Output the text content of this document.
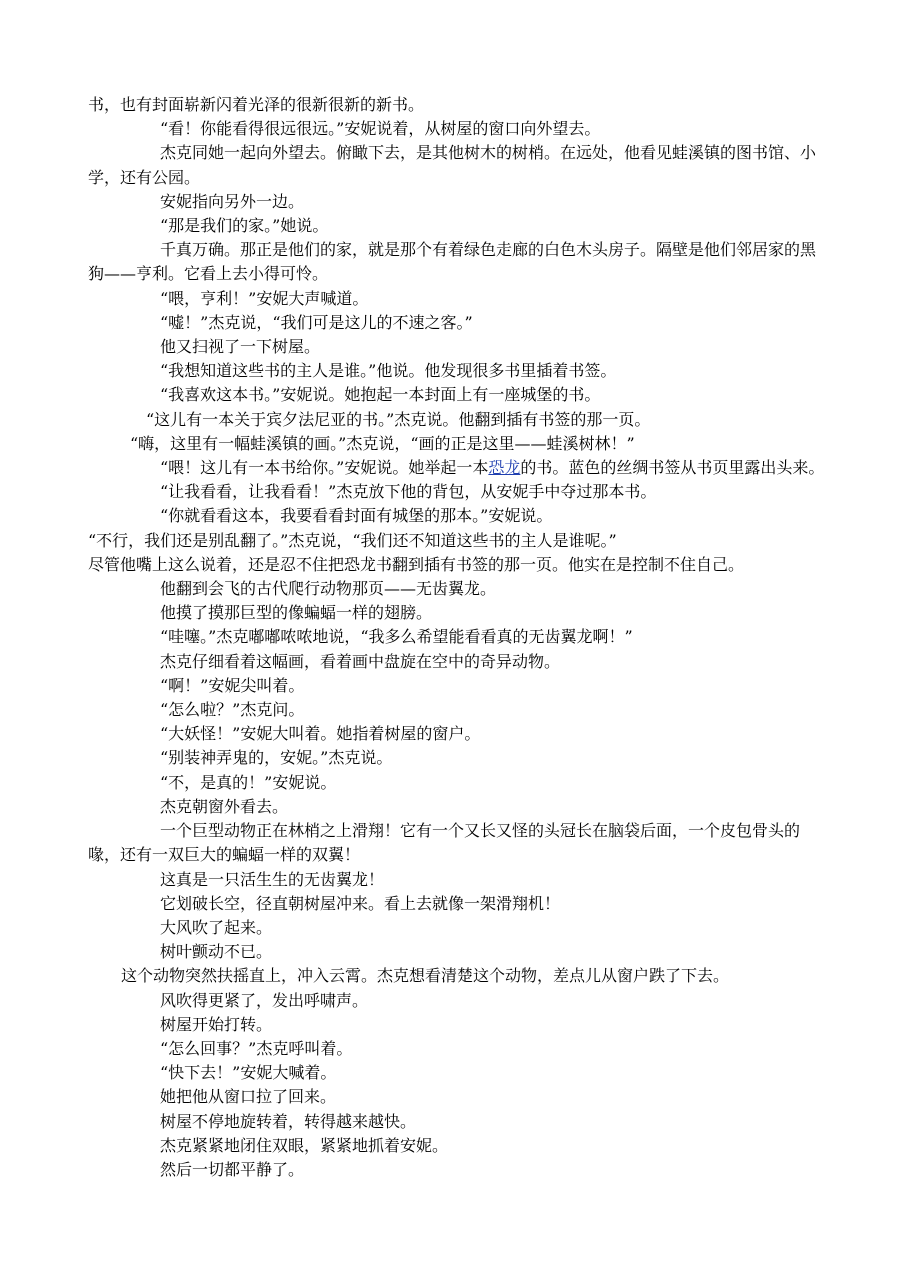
书，也有封面崭新闪着光泽的很新很新的新书。

“看！你能看得很远很远。”安妮说着，从树屋的窗口向外望去。

杰克同她一起向外望去。俯瞰下去，是其他树木的树梢。在远处，他看见蛙溪镇的图书馆、小学，还有公园。

安妮指向另外一边。

“那是我们的家。”她说。

千真万确。那正是他们的家，就是那个有着绿色走廊的白色木头房子。隔壁是他们邻居家的黑狗——亨利。它看上去小得可怜。

“喂，亨利！”安妮大声喊道。

“嘘！”杰克说，“我们可是这儿的不速之客。”

他又扫视了一下树屋。

“我想知道这些书的主人是谁。”他说。他发现很多书里插着书签。

“我喜欢这本书。”安妮说。她抱起一本封面上有一座城堡的书。

“这儿有一本关于宾夕法尼亚的书。”杰克说。他翻到插有书签的那一页。

“嗨，这里有一幅蛙溪镇的画。”杰克说，“画的正是这里——蛙溪树林！”

“喂！这儿有一本书给你。”安妮说。她举起一本恐龙的书。蓝色的丝绸书签从书页里露出头来。

“让我看看，让我看看！”杰克放下他的背包，从安妮手中夺过那本书。

“你就看看这本，我要看看封面有城堡的那本。”安妮说。

“不行，我们还是别乱翻了。”杰克说，“我们还不知道这些书的主人是谁呢。”

尽管他嘴上这么说着，还是忍不住把恐龙书翻到插有书签的那一页。他实在是控制不住自己。

他翻到会飞的古代爬行动物那页——无齿翼龙。

他摸了摸那巨型的像蝙蝠一样的翅膀。

“哇噻。”杰克嘟嘟哝哝地说，“我多么希望能看看真的无齿翼龙啊！”

杰克仔细看着这幅画，看着画中盘旋在空中的奇异动物。

“啊！”安妮尖叫着。

“怎么啦？”杰克问。

“大妖怪！”安妮大叫着。她指着树屋的窗户。

“别装神弄鬼的，安妮。”杰克说。

“不，是真的！”安妮说。

杰克朝窗外看去。

一个巨型动物正在林梢之上滑翔！它有一个又长又怪的头冠长在脑袋后面，一个皮包骨头的喙，还有一双巨大的蝙蝠一样的双翼！

这真是一只活生生的无齿翼龙！

它划破长空，径直朝树屋冲来。看上去就像一架滑翔机！

大风吹了起来。

树叶颤动不已。

这个动物突然扶摇直上，冲入云霄。杰克想看清楚这个动物，差点儿从窗户跌了下去。

风吹得更紧了，发出呼啸声。

树屋开始打转。

“怎么回事？”杰克呼叫着。

“快下去！”安妮大喊着。

她把他从窗口拉了回来。

树屋不停地旋转着，转得越来越快。

杰克紧紧地闭住双眼，紧紧地抓着安妮。

然后一切都平静了。
